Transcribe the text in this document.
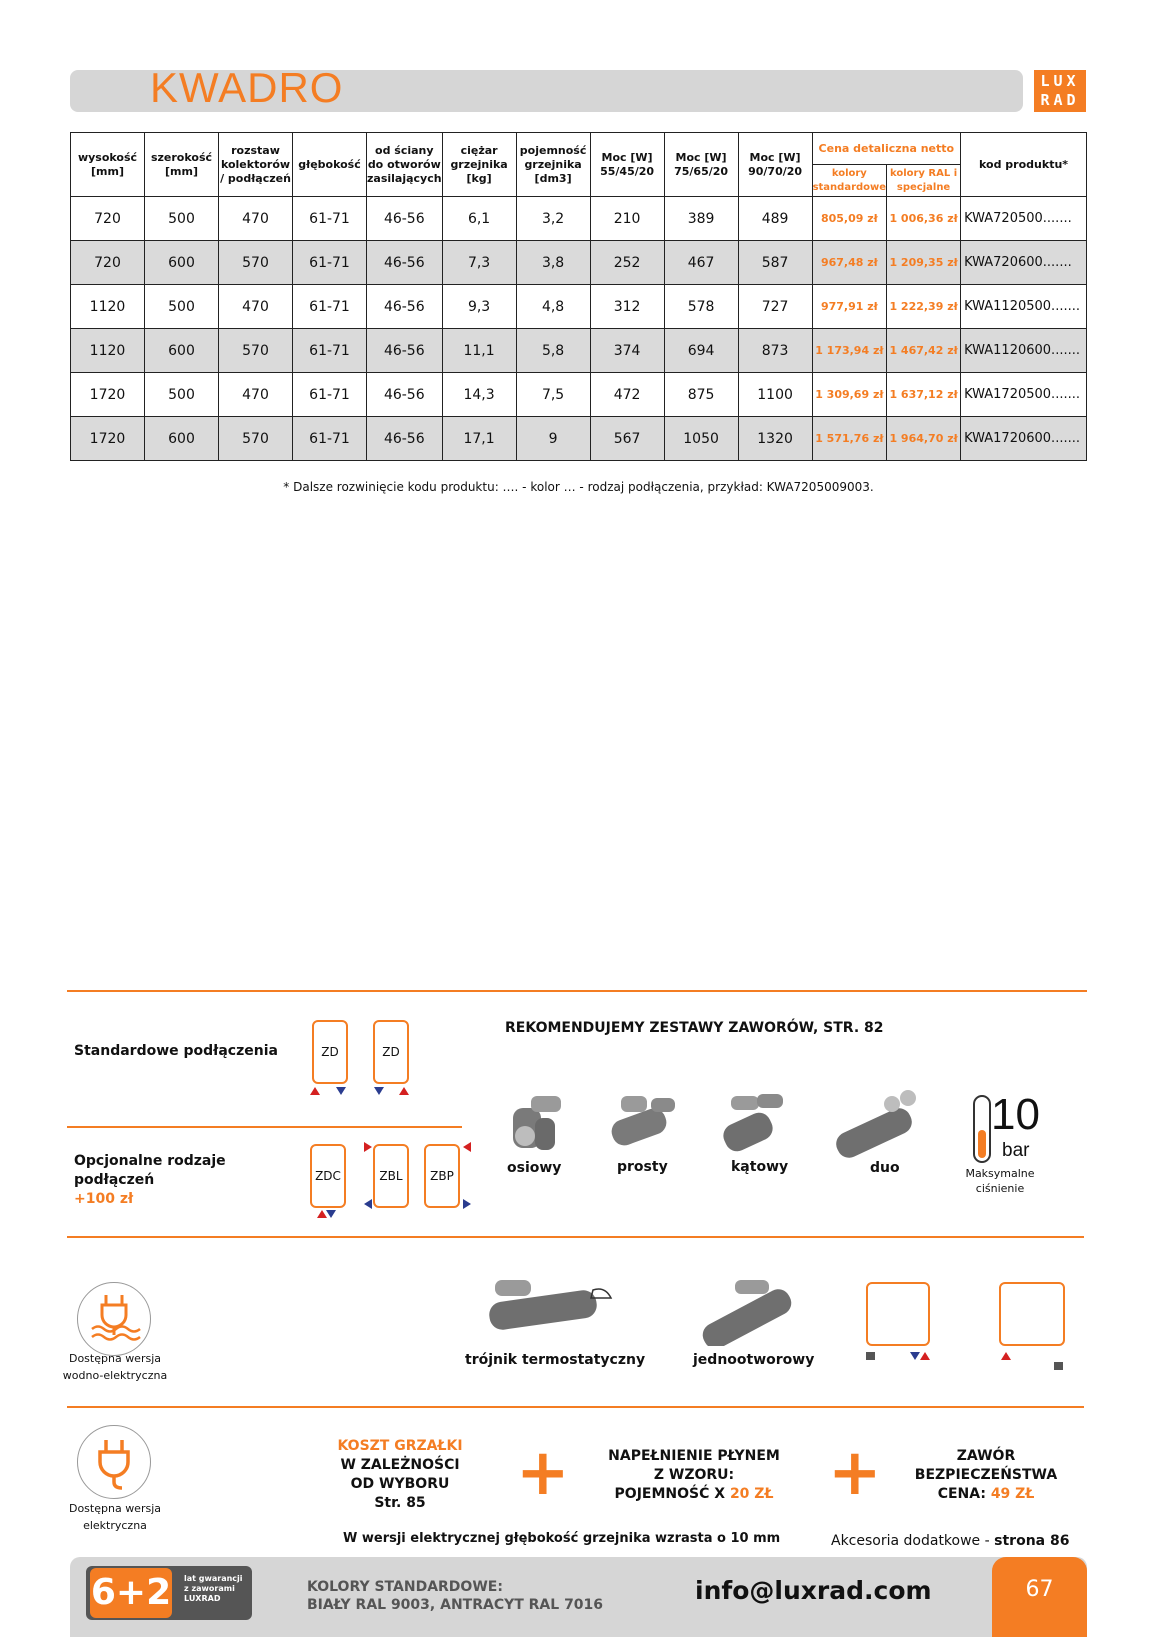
KWADRO	LUX
RAD
wysokość [mm]	szerokość [mm]	rozstaw kolektorów / podłączeń	głębokość	od ściany do otworów zasilających	ciężar grzejnika [kg]	pojemność grzejnika [dm3]	Moc [W] 55/45/20	Moc [W] 75/65/20	Moc [W] 90/70/20	Cena detaliczna netto		kod produktu*
										kolory standardowe	kolory RAL i specjalne	
720	500	470	61-71	46-56	6,1	3,2	210	389	489	805,09 zł	1 006,36 zł	KWA720500.......
720	600	570	61-71	46-56	7,3	3,8	252	467	587	967,48 zł	1 209,35 zł	KWA720600.......
1120	500	470	61-71	46-56	9,3	4,8	312	578	727	977,91 zł	1 222,39 zł	KWA1120500.......
1120	600	570	61-71	46-56	11,1	5,8	374	694	873	1 173,94 zł	1 467,42 zł	KWA1120600.......
1720	500	470	61-71	46-56	14,3	7,5	472	875	1100	1 309,69 zł	1 637,12 zł	KWA1720500.......
1720	600	570	61-71	46-56	17,1	9	567	1050	1320	1 571,76 zł	1 964,70 zł	KWA1720600.......
* Dalsze rozwinięcie kodu produktu: …. - kolor … - rodzaj podłączenia, przykład: KWA7205009003.
Standardowe podłączenia	ZD	ZD
REKOMENDUJEMY ZESTAWY ZAWORÓW, STR. 82
Opcjonalne rodzaje
podłączeń
+100 zł
ZDC	ZBL ZBP	osiowy	prosty	kątowy	duo
10
bar
Maksymalne
ciśnienie
Dostępna wersja
wodno-elektryczna
trójnik termostatyczny	jednootworowy
Dostępna wersja
elektryczna
KOSZT GRZAŁKI
W ZALEŻNOŚCI
OD WYBORU
Str. 85	+	NAPEŁNIENIE PŁYNEM
Z WZORU:
POJEMNOŚĆ X 20 ZŁ +	ZAWÓR
BEZPIECZEŃSTWA
CENA: 49 ZŁ
W wersji elektrycznej głębokość grzejnika wzrasta o 10 mm	Akcesoria dodatkowe - strona 86
6+2 lat gwarancji
z zaworami
LUXRAD
KOLORY STANDARDOWE:
BIAŁY RAL 9003, ANTRACYT RAL 7016	info@luxrad.com	67
